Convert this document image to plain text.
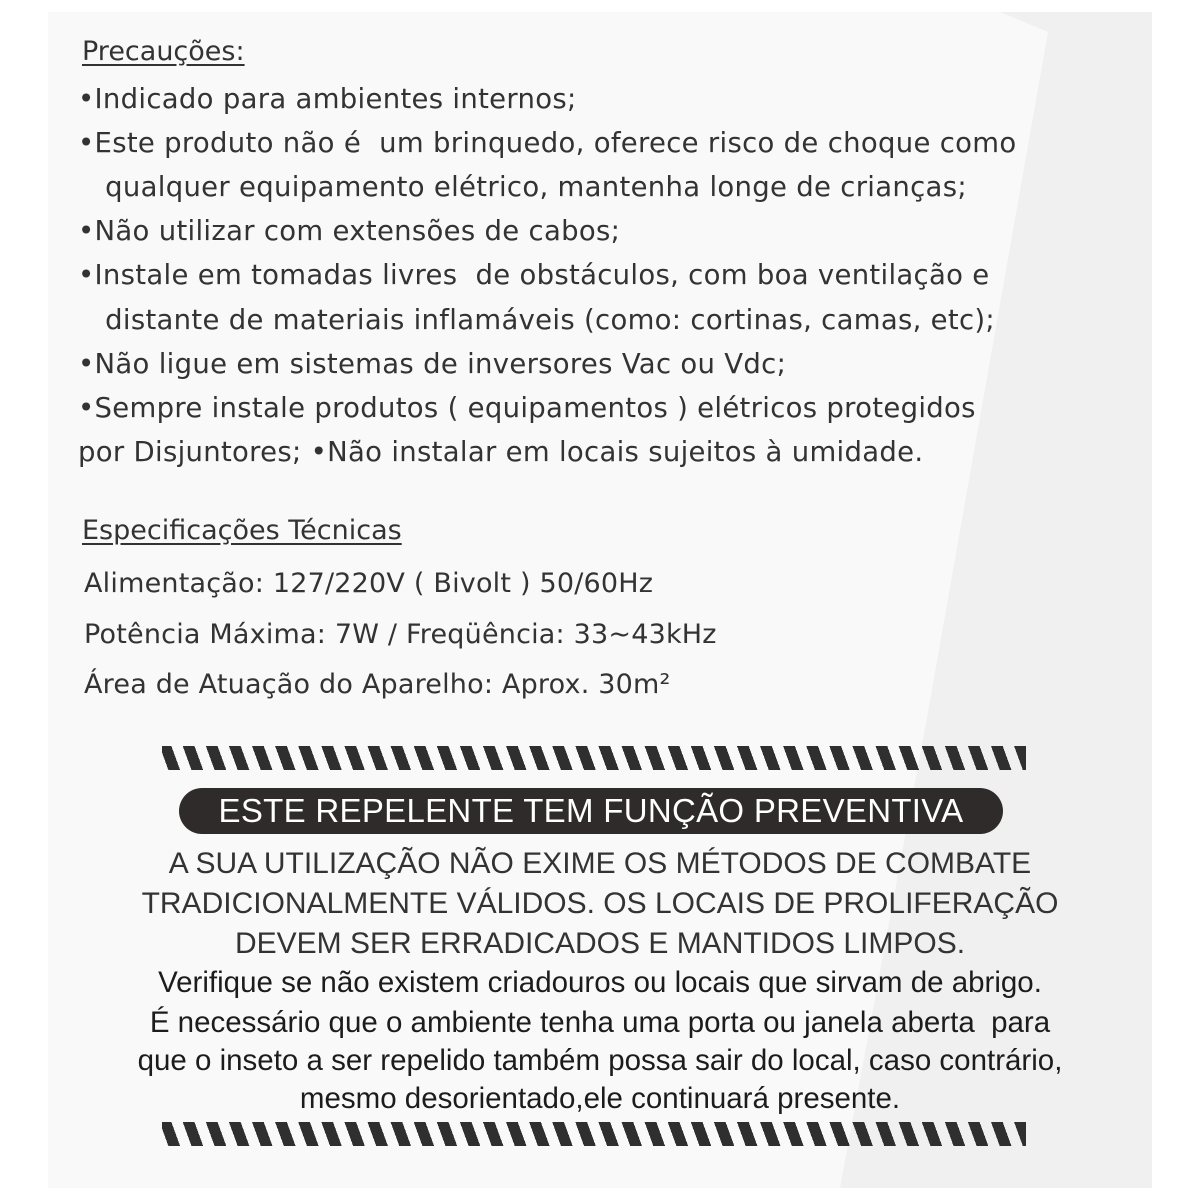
Precauções:
•Indicado para ambientes internos;
•Este produto não é  um brinquedo, oferece risco de choque como
qualquer equipamento elétrico, mantenha longe de crianças;
•Não utilizar com extensões de cabos;
•Instale em tomadas livres  de obstáculos, com boa ventilação e
distante de materiais inflamáveis (como: cortinas, camas, etc);
•Não ligue em sistemas de inversores Vac ou Vdc;
•Sempre instale produtos ( equipamentos ) elétricos protegidos
por Disjuntores; •Não instalar em locais sujeitos à umidade.
Especificações Técnicas
Alimentação: 127/220V ( Bivolt ) 50/60Hz
Potência Máxima: 7W / Freqüência: 33~43kHz
Área de Atuação do Aparelho: Aprox. 30m²
ESTE REPELENTE TEM FUNÇÃO PREVENTIVA
A SUA UTILIZAÇÃO NÃO EXIME OS MÉTODOS DE COMBATE
TRADICIONALMENTE VÁLIDOS. OS LOCAIS DE PROLIFERAÇÃO
DEVEM SER ERRADICADOS E MANTIDOS LIMPOS.
Verifique se não existem criadouros ou locais que sirvam de abrigo.
É necessário que o ambiente tenha uma porta ou janela aberta  para
que o inseto a ser repelido também possa sair do local, caso contrário,
mesmo desorientado,ele continuará presente.
